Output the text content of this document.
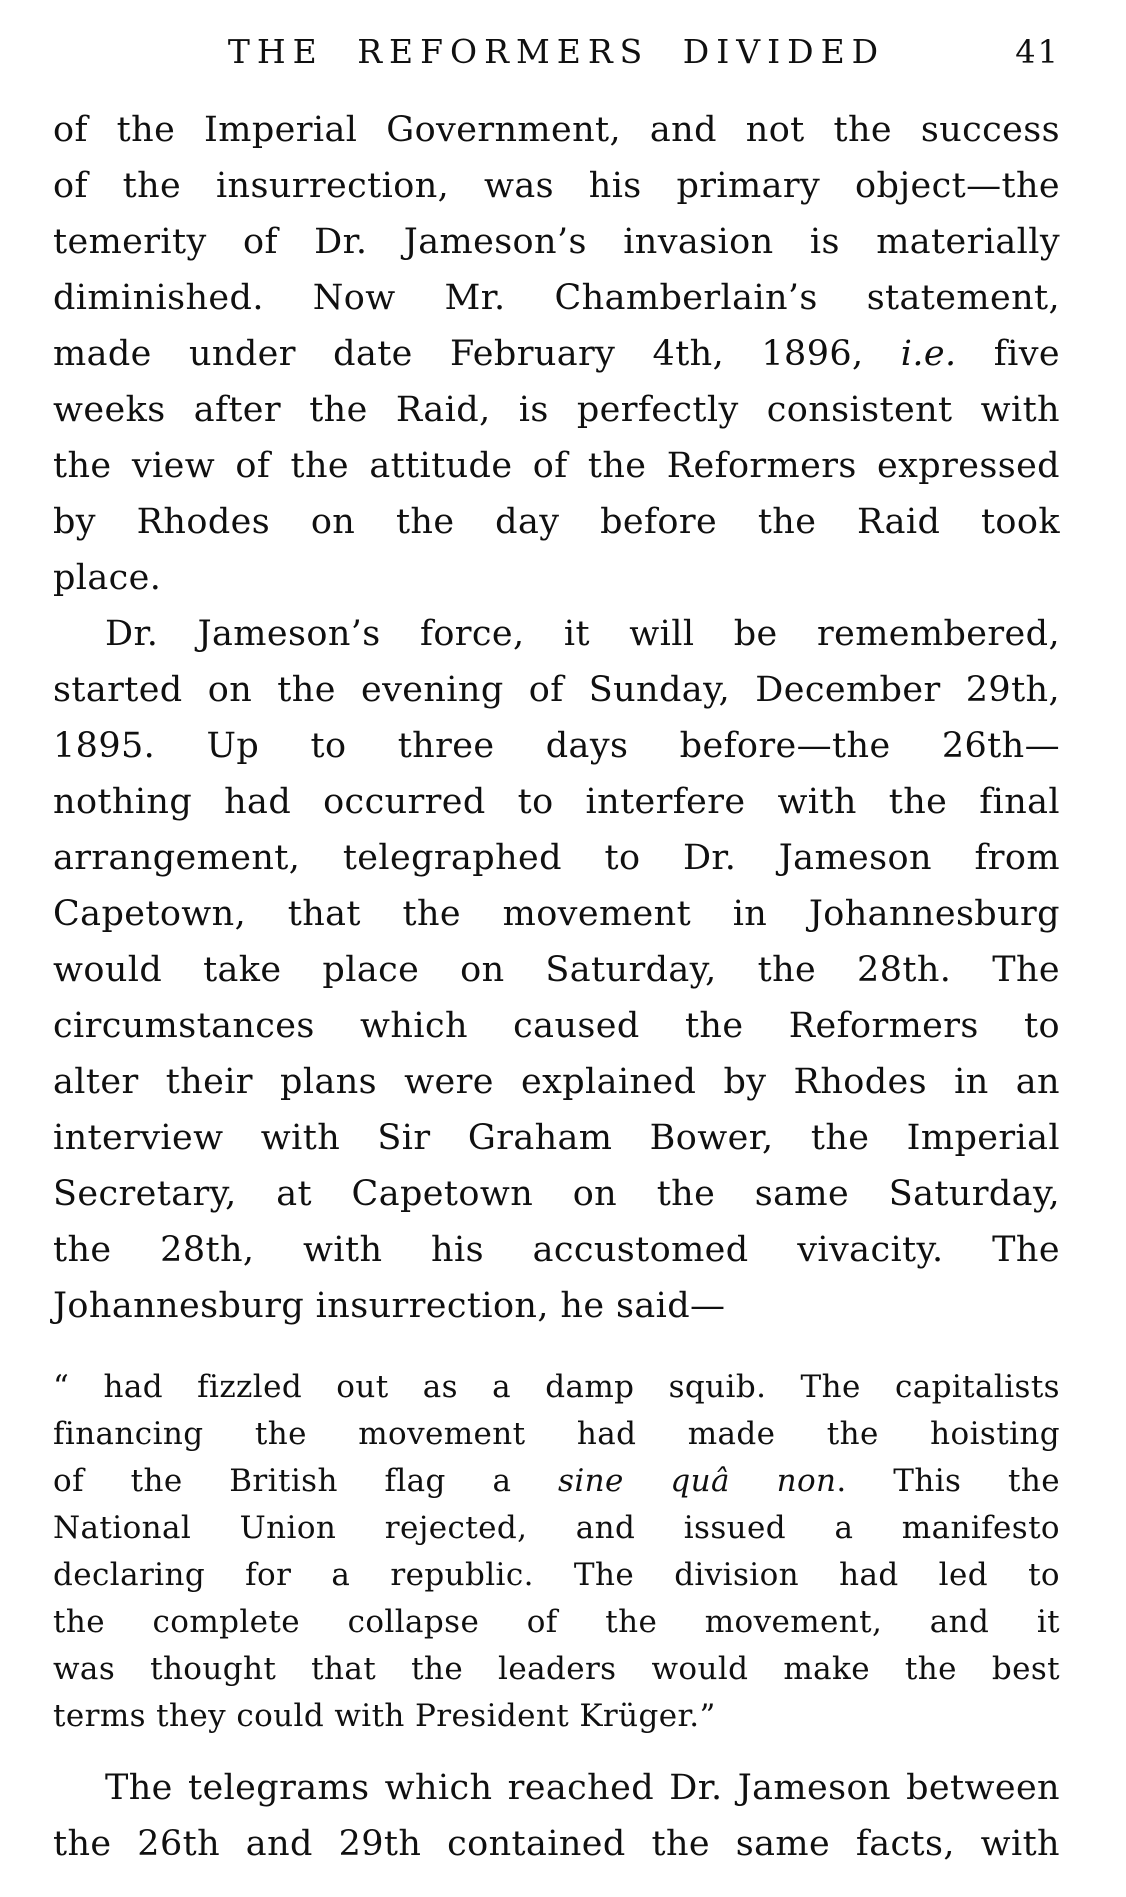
THE REFORMERS DIVIDED	41
of the Imperial Government, and not the success
of the insurrection, was his primary object—the
temerity of Dr. Jameson’s invasion is materially
diminished. Now Mr. Chamberlain’s statement,
made under date February 4th, 1896, i.e. five
weeks after the Raid, is perfectly consistent with
the view of the attitude of the Reformers expressed
by Rhodes on the day before the Raid took
place.
Dr. Jameson’s force, it will be remembered,
started on the evening of Sunday, December 29th,
1895. Up to three days before—the 26th—
nothing had occurred to interfere with the final
arrangement, telegraphed to Dr. Jameson from
Capetown, that the movement in Johannesburg
would take place on Saturday, the 28th. The
circumstances which caused the Reformers to
alter their plans were explained by Rhodes in an
interview with Sir Graham Bower, the Imperial
Secretary, at Capetown on the same Saturday,
the 28th, with his accustomed vivacity. The
Johannesburg insurrection, he said—
“ had fizzled out as a damp squib. The capitalists
financing the movement had made the hoisting
of the British flag a sine quâ non. This the
National Union rejected, and issued a manifesto
declaring for a republic. The division had led to
the complete collapse of the movement, and it
was thought that the leaders would make the best
terms they could with President Krüger.”
The telegrams which reached Dr. Jameson between
the 26th and 29th contained the same facts, with
